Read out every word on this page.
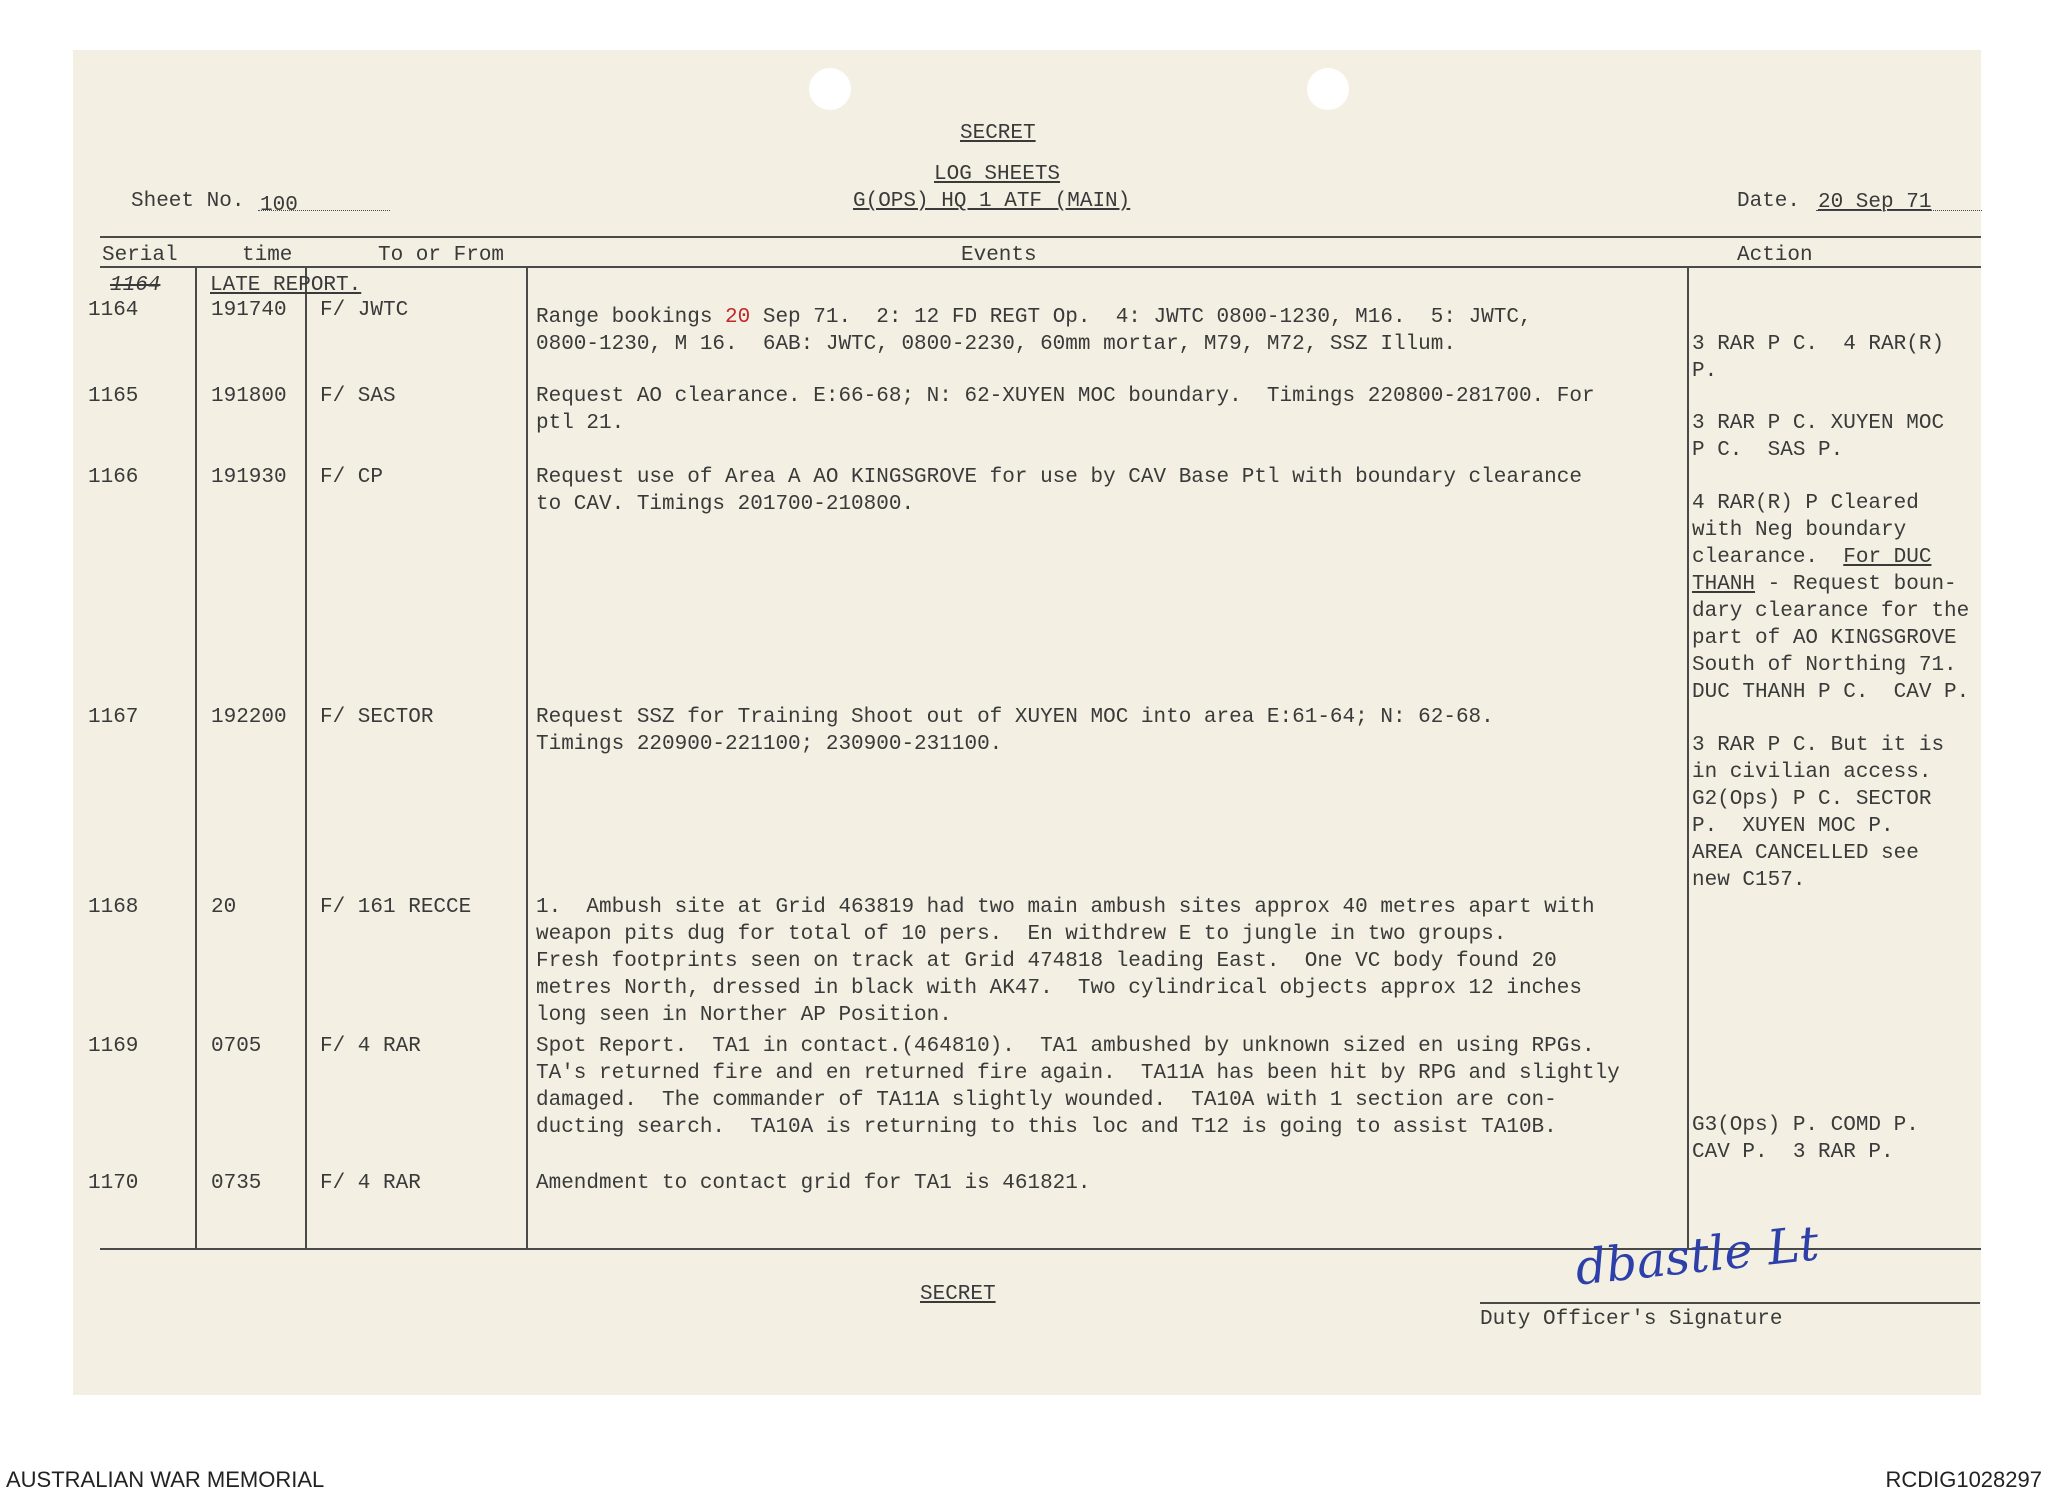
SECRET
LOG SHEETS
G(OPS) HQ 1 ATF (MAIN)
Sheet No. 100	Date. 20 Sep 71
Serial	time	To or From	Events	Action
1164 LATE REPORT.
1164	191740 F/ JWTC	Range bookings 20 Sep 71.  2: 12 FD REGT Op.  4: JWTC 0800-1230, M16.  5: JWTC,
0800-1230, M 16.  6AB: JWTC, 0800-2230, 60mm mortar, M79, M72, SSZ Illum.	3 RAR P C.  4 RAR(R)
P.
1165	191800 F/ SAS	Request AO clearance. E:66-68; N: 62-XUYEN MOC boundary.  Timings 220800-281700. For
ptl 21.	3 RAR P C. XUYEN MOC
P C.  SAS P.
1166	191930 F/ CP	Request use of Area A AO KINGSGROVE for use by CAV Base Ptl with boundary clearance
to CAV. Timings 201700-210800.	4 RAR(R) P Cleared
with Neg boundary
clearance.  For DUC
THANH - Request boun-
dary clearance for the
part of AO KINGSGROVE
South of Northing 71.
DUC THANH P C.  CAV P.
1167	192200 F/ SECTOR	Request SSZ for Training Shoot out of XUYEN MOC into area E:61-64; N: 62-68.
Timings 220900-221100; 230900-231100.	3 RAR P C. But it is
in civilian access.
G2(Ops) P C. SECTOR
P.  XUYEN MOC P.
AREA CANCELLED see
new C157.
1168	20	F/ 161 RECCE	1.  Ambush site at Grid 463819 had two main ambush sites approx 40 metres apart with
weapon pits dug for total of 10 pers.  En withdrew E to jungle in two groups.
Fresh footprints seen on track at Grid 474818 leading East.  One VC body found 20
metres North, dressed in black with AK47.  Two cylindrical objects approx 12 inches
long seen in Norther AP Position.
1169	0705	F/ 4 RAR	Spot Report.  TA1 in contact.(464810).  TA1 ambushed by unknown sized en using RPGs.
TA's returned fire and en returned fire again.  TA11A has been hit by RPG and slightly
damaged.  The commander of TA11A slightly wounded.  TA10A with 1 section are con-
ducting search.  TA10A is returning to this loc and T12 is going to assist TA10B.	G3(Ops) P. COMD P.
CAV P.  3 RAR P.
1170	0735	F/ 4 RAR	Amendment to contact grid for TA1 is 461821.
SECRET	dbastle Lt
Duty Officer's Signature
AUSTRALIAN WAR MEMORIAL	RCDIG1028297
